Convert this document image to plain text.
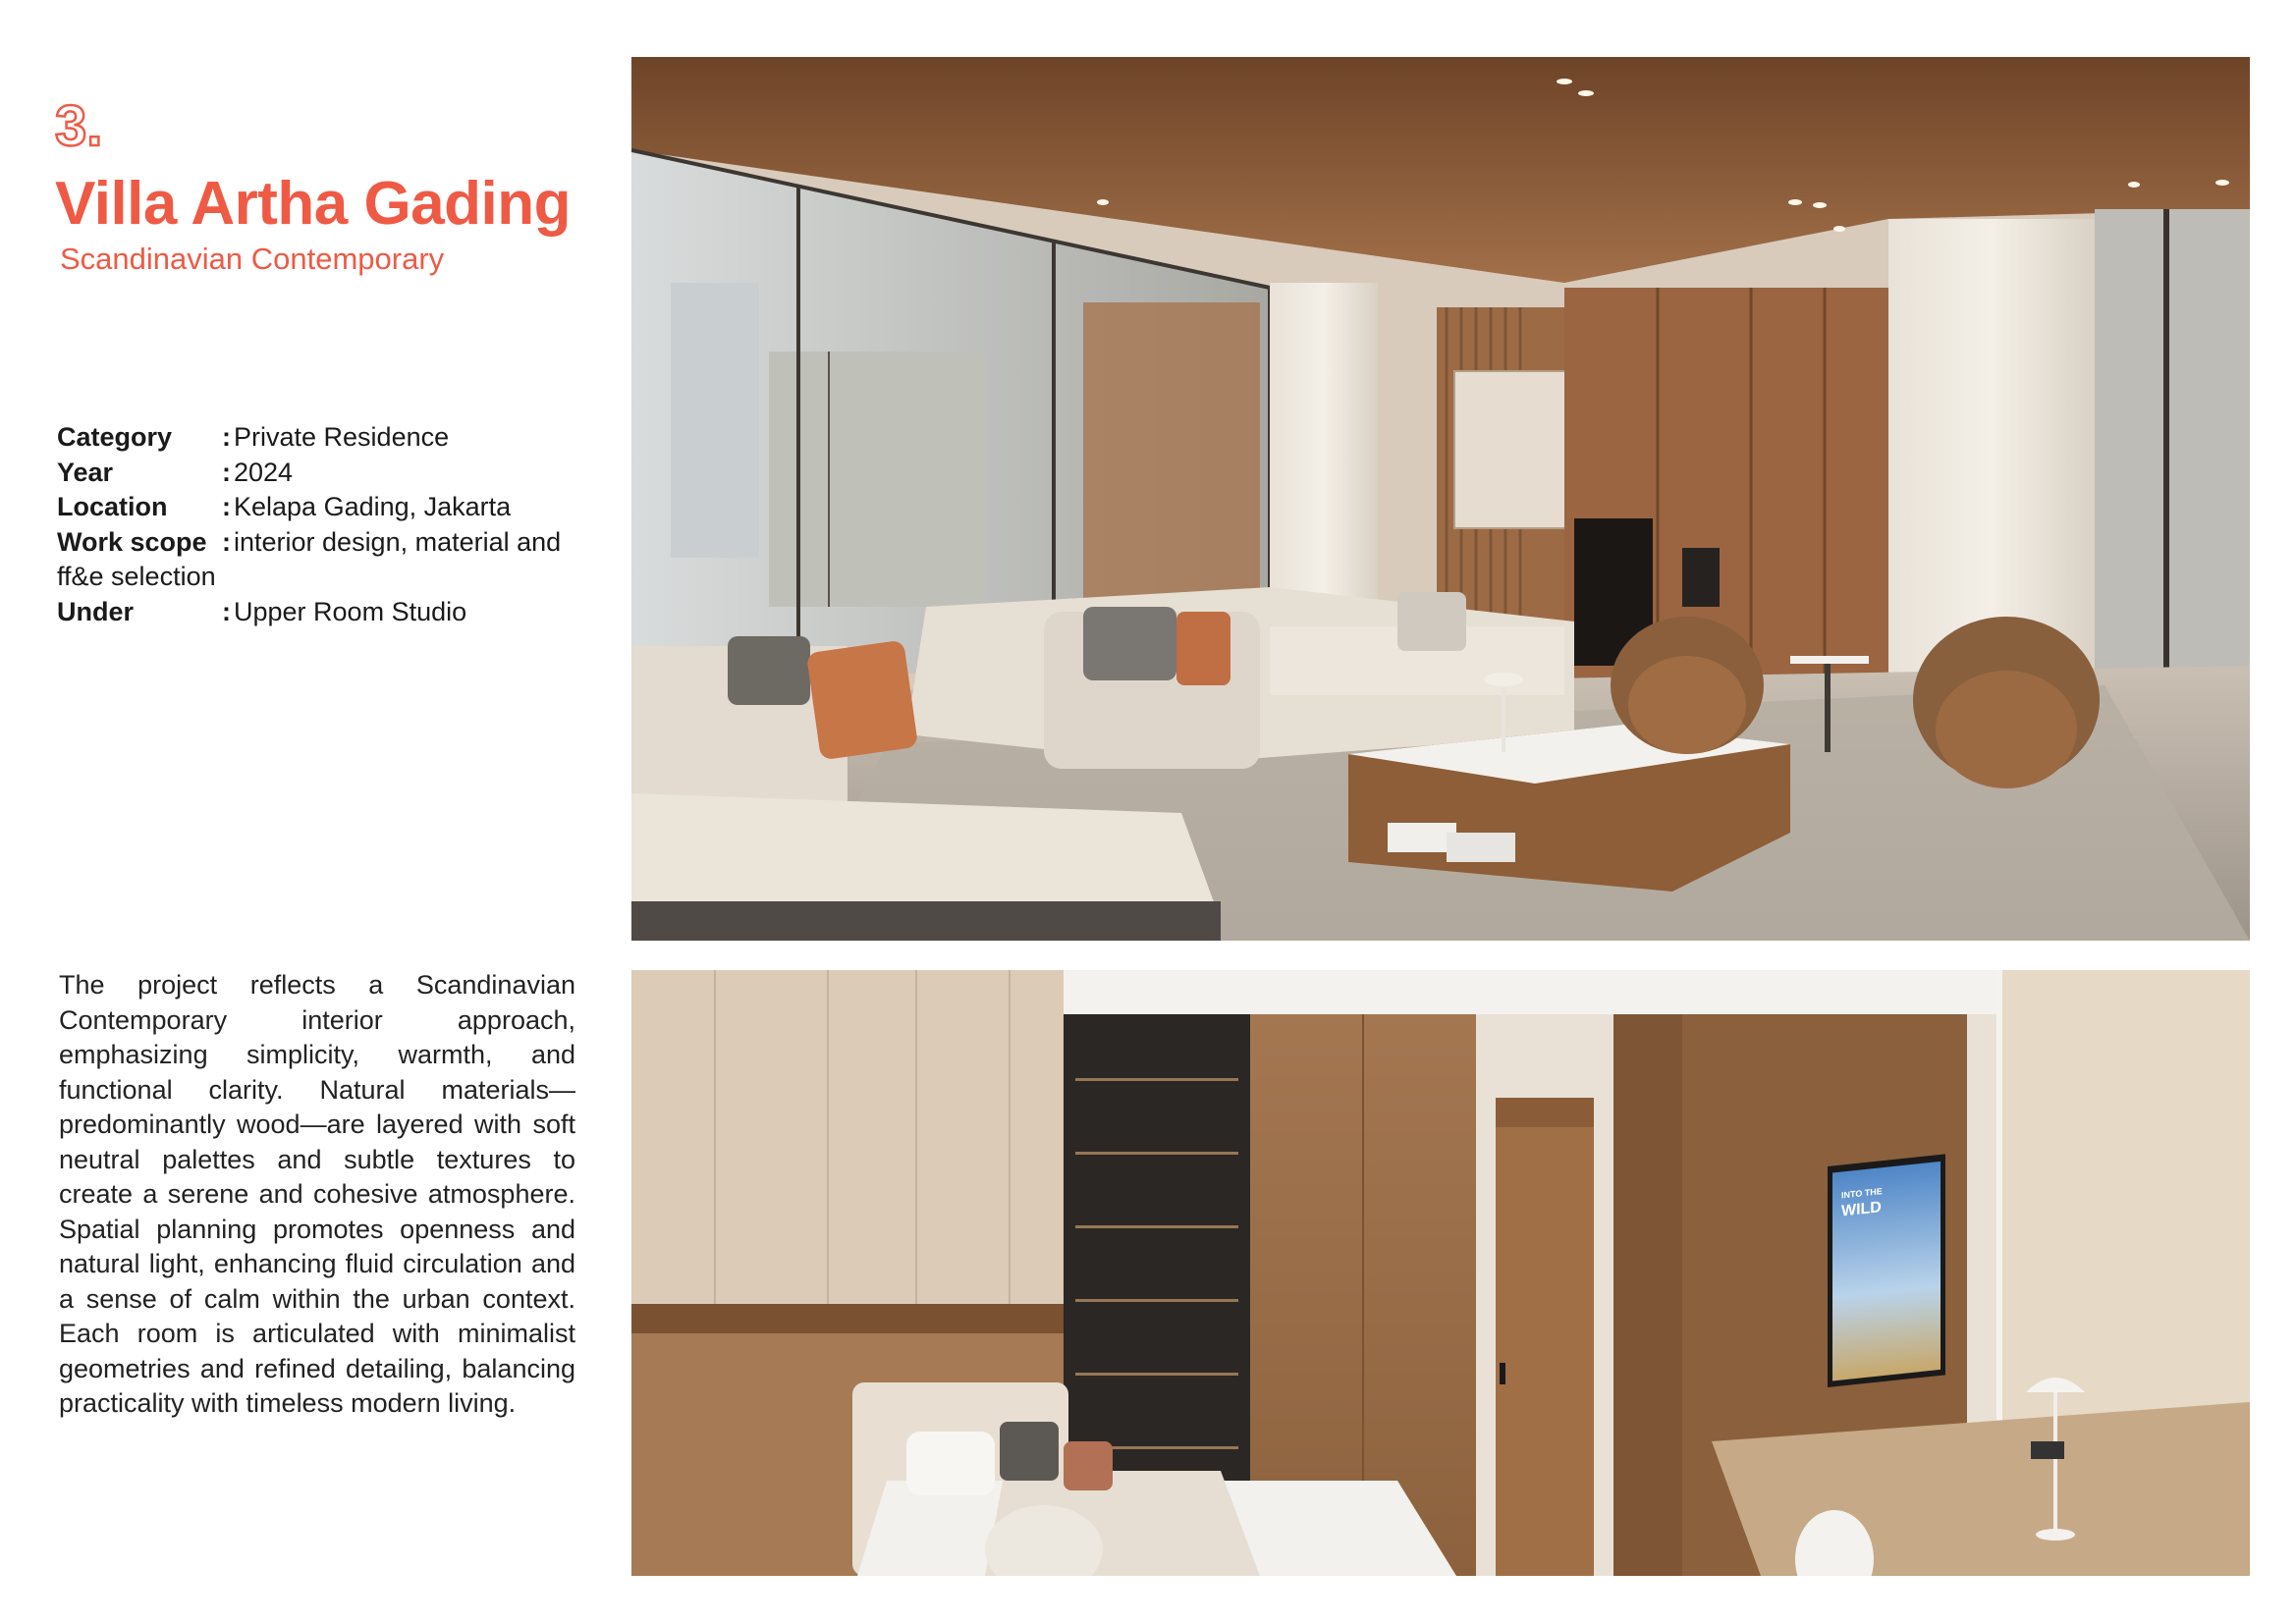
3.
Villa Artha Gading
Scandinavian Contemporary
Category	: Private Residence
Year	: 2024
Location	: Kelapa Gading, Jakarta
Work scope : interior design, material and
ff&e selection
Under	: Upper Room Studio

The project reflects a Scandinavian Contemporary interior approach, emphasizing simplicity, warmth, and functional clarity. Natural materials—predominantly wood—are layered with soft neutral palettes and subtle textures to create a serene and cohesive atmosphere. Spatial planning promotes openness and natural light, enhancing fluid circulation and a sense of calm within the urban context. Each room is articulated with minimalist geometries and refined detailing, balancing practicality with timeless modern living.

INTO THE
WILD
